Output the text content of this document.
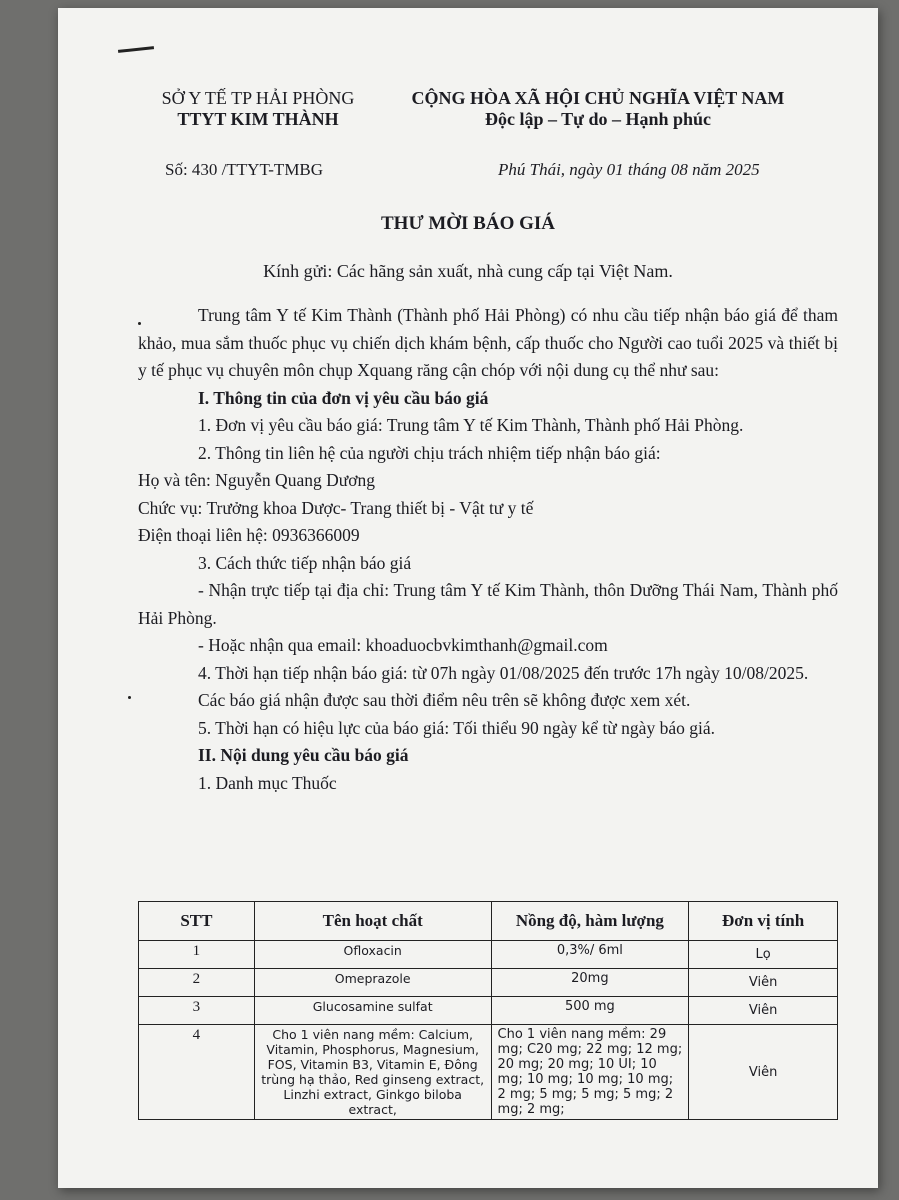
SỞ Y TẾ TP HẢI PHÒNG
TTYT KIM THÀNH
CỘNG HÒA XÃ HỘI CHỦ NGHĨA VIỆT NAM
Độc lập – Tự do – Hạnh phúc
Số: 430 /TTYT-TMBG	Phú Thái, ngày 01 tháng 08 năm 2025
THƯ MỜI BÁO GIÁ
Kính gửi: Các hãng sản xuất, nhà cung cấp tại Việt Nam.

Trung tâm Y tế Kim Thành (Thành phố Hải Phòng) có nhu cầu tiếp nhận báo giá để tham khảo, mua sắm thuốc phục vụ chiến dịch khám bệnh, cấp thuốc cho Người cao tuổi 2025 và thiết bị y tế phục vụ chuyên môn chụp Xquang răng cận chóp với nội dung cụ thể như sau:

I. Thông tin của đơn vị yêu cầu báo giá

1. Đơn vị yêu cầu báo giá: Trung tâm Y tế Kim Thành, Thành phố Hải Phòng.

2. Thông tin liên hệ của người chịu trách nhiệm tiếp nhận báo giá:

Họ và tên: Nguyễn Quang Dương

Chức vụ: Trưởng khoa Dược- Trang thiết bị - Vật tư y tế

Điện thoại liên hệ: 0936366009

3. Cách thức tiếp nhận báo giá

- Nhận trực tiếp tại địa chỉ: Trung tâm Y tế Kim Thành, thôn Dưỡng Thái Nam, Thành phố Hải Phòng.

- Hoặc nhận qua email: khoaduocbvkimthanh@gmail.com

4. Thời hạn tiếp nhận báo giá: từ 07h ngày 01/08/2025 đến trước 17h ngày 10/08/2025.

Các báo giá nhận được sau thời điểm nêu trên sẽ không được xem xét.

5. Thời hạn có hiệu lực của báo giá: Tối thiểu 90 ngày kể từ ngày báo giá.

II. Nội dung yêu cầu báo giá

1. Danh mục Thuốc

STT	Tên hoạt chất	Nồng độ, hàm lượng	Đơn vị tính
1	Ofloxacin	0,3%/ 6ml	Lọ
2	Omeprazole	20mg	Viên
3	Glucosamine sulfat	500 mg	Viên
4	Cho 1 viên nang mềm: Calcium, Vitamin, Phosphorus, Magnesium, FOS, Vitamin B3, Vitamin E, Đông trùng hạ thảo, Red ginseng extract, Linzhi extract, Ginkgo biloba extract,	Cho 1 viên nang mềm: 29 mg; C20 mg; 22 mg; 12 mg; 20 mg; 20 mg; 10 UI; 10 mg; 10 mg; 10 mg; 10 mg; 2 mg; 5 mg; 5 mg; 5 mg; 2 mg; 2 mg;	Viên
